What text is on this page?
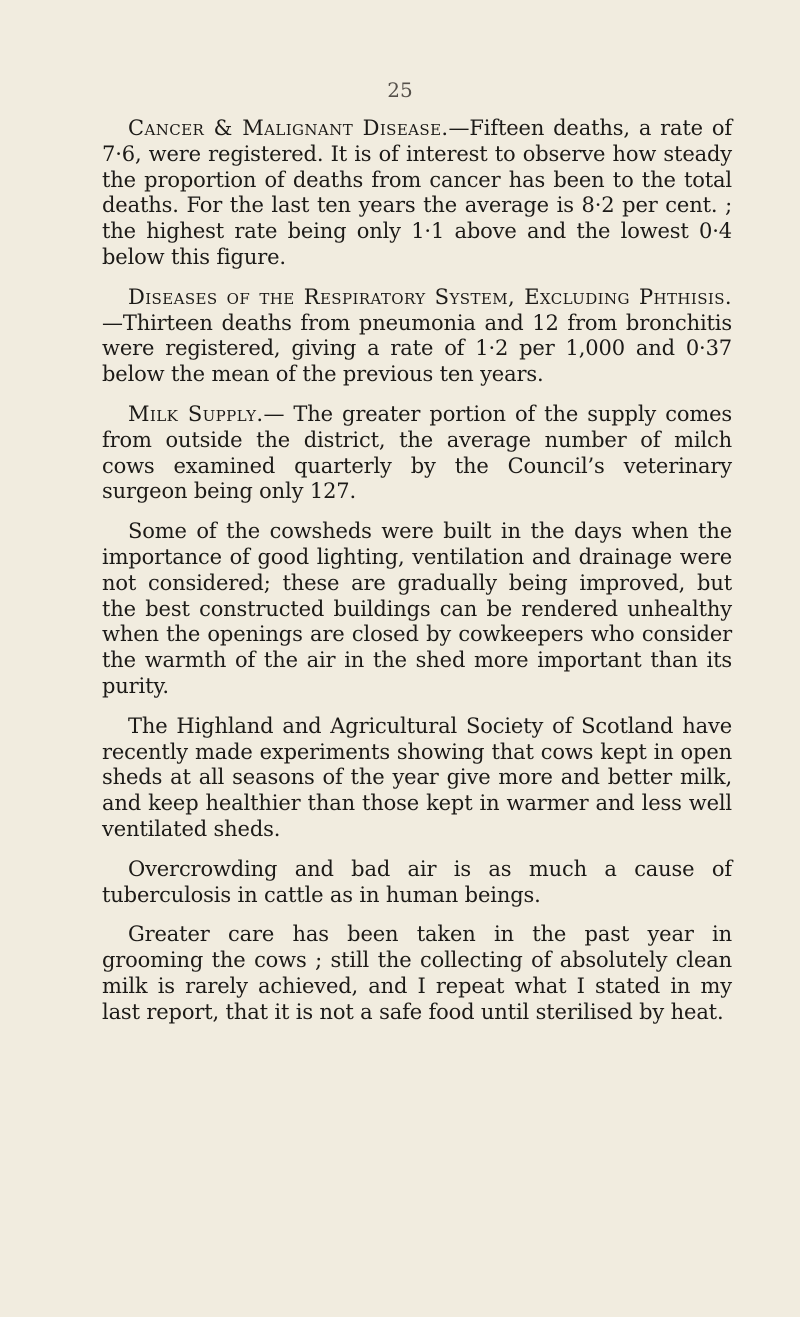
25

Cancer & Malignant Disease.—Fifteen deaths, a rate of 7·6, were registered. It is of interest to observe how steady the proportion of deaths from cancer has been to the total deaths. For the last ten years the average is 8·2 per cent. ; the highest rate being only 1·1 above and the lowest 0·4 below this figure.

Diseases of the Respiratory System, Excluding Phthisis.—Thirteen deaths from pneumonia and 12 from bronchitis were registered, giving a rate of 1·2 per 1,000 and 0·37 below the mean of the previous ten years.

Milk Supply.— The greater portion of the supply comes from outside the district, the average number of milch cows examined quarterly by the Council’s veterinary surgeon being only 127.

Some of the cowsheds were built in the days when the importance of good lighting, ventilation and drainage were not considered; these are gradually being improved, but the best constructed buildings can be rendered unhealthy when the openings are closed by cowkeepers who consider the warmth of the air in the shed more important than its purity.

The Highland and Agricultural Society of Scotland have recently made experiments showing that cows kept in open sheds at all seasons of the year give more and better milk, and keep healthier than those kept in warmer and less well ventilated sheds.

Overcrowding and bad air is as much a cause of tuberculosis in cattle as in human beings.

Greater care has been taken in the past year in grooming the cows ; still the collecting of absolutely clean milk is rarely achieved, and I repeat what I stated in my last report, that it is not a safe food until sterilised by heat.
